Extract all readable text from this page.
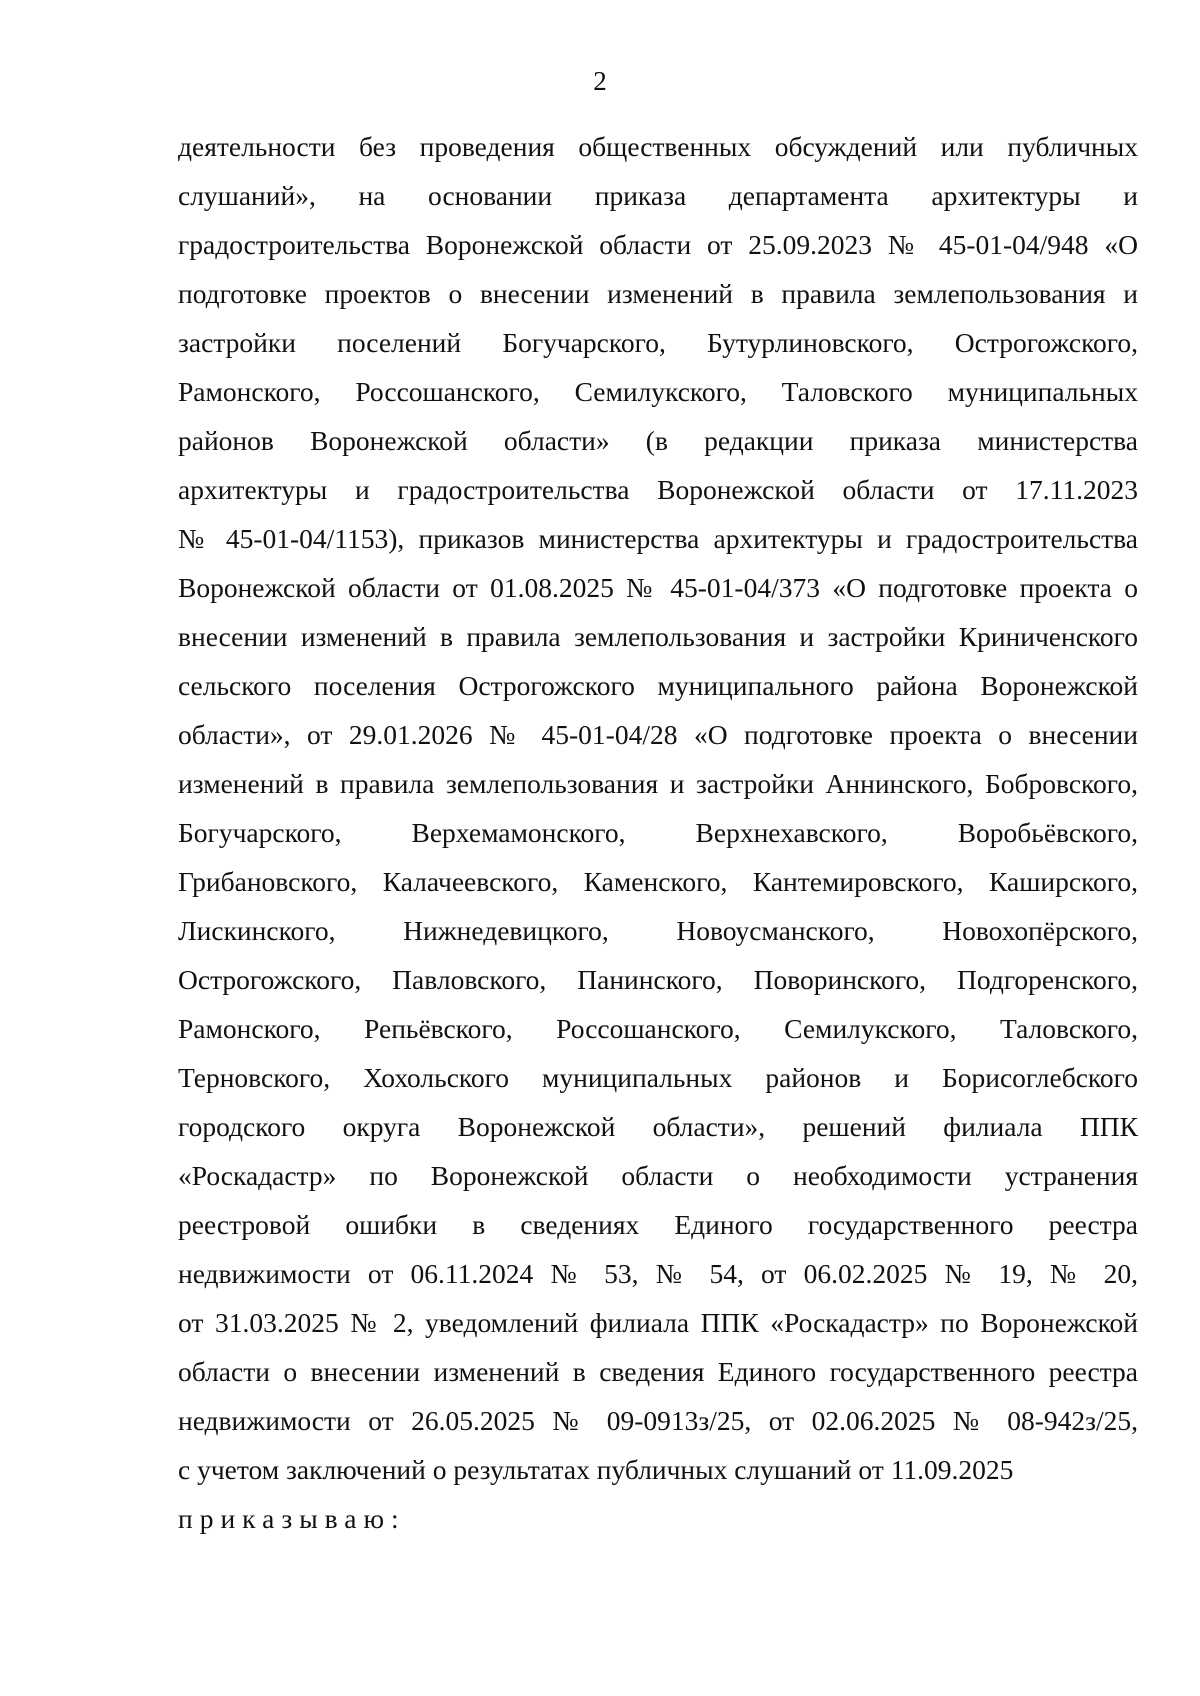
2
деятельности без проведения общественных обсуждений или публичных
слушаний», на основании приказа департамента архитектуры и
градостроительства Воронежской области от 25.09.2023 № 45-01-04/948 «О
подготовке проектов о внесении изменений в правила землепользования и
застройки поселений Богучарского, Бутурлиновского, Острогожского,
Рамонского, Россошанского, Семилукского, Таловского муниципальных
районов Воронежской области» (в редакции приказа министерства
архитектуры и градостроительства Воронежской области от 17.11.2023
№ 45-01-04/1153), приказов министерства архитектуры и градостроительства
Воронежской области от 01.08.2025 № 45-01-04/373 «О подготовке проекта о
внесении изменений в правила землепользования и застройки Криниченского
сельского поселения Острогожского муниципального района Воронежской
области», от 29.01.2026 № 45-01-04/28 «О подготовке проекта о внесении
изменений в правила землепользования и застройки Аннинского, Бобровского,
Богучарского, Верхемамонского, Верхнехавского, Воробьёвского,
Грибановского, Калачеевского, Каменского, Кантемировского, Каширского,
Лискинского, Нижнедевицкого, Новоусманского, Новохопёрского,
Острогожского, Павловского, Панинского, Поворинского, Подгоренского,
Рамонского, Репьёвского, Россошанского, Семилукского, Таловского,
Терновского, Хохольского муниципальных районов и Борисоглебского
городского округа Воронежской области», решений филиала ППК
«Роскадастр» по Воронежской области о необходимости устранения
реестровой ошибки в сведениях Единого государственного реестра
недвижимости от 06.11.2024 № 53, № 54, от 06.02.2025 № 19, № 20,
от 31.03.2025 № 2, уведомлений филиала ППК «Роскадастр» по Воронежской
области о внесении изменений в сведения Единого государственного реестра
недвижимости от 26.05.2025 № 09-0913з/25, от 02.06.2025 № 08-942з/25,
с учетом заключений о результатах публичных слушаний от 11.09.2025
приказываю:
